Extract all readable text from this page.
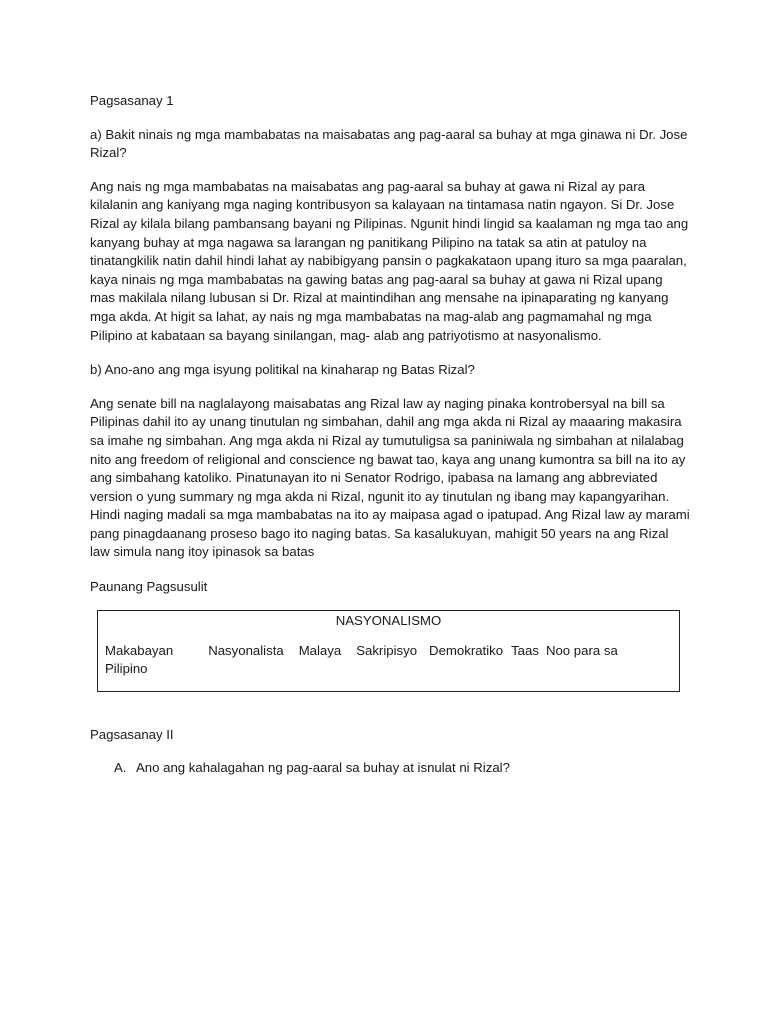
Pagsasanay 1

a) Bakit ninais ng mga mambabatas na maisabatas ang pag-aaral sa buhay at mga ginawa ni Dr. Jose Rizal?

Ang nais ng mga mambabatas na maisabatas ang pag-aaral sa buhay at gawa ni Rizal ay para kilalanin ang kaniyang mga naging kontribusyon sa kalayaan na tintamasa natin ngayon. Si Dr. Jose Rizal ay kilala bilang pambansang bayani ng Pilipinas. Ngunit hindi lingid sa kaalaman ng mga tao ang kanyang buhay at mga nagawa sa larangan ng panitikang Pilipino na tatak sa atin at patuloy na tinatangkilik natin dahil hindi lahat ay nabibigyang pansin o pagkakataon upang ituro sa mga paaralan, kaya ninais ng mga mambabatas na gawing batas ang pag-aaral sa buhay at gawa ni Rizal upang mas makilala nilang lubusan si Dr. Rizal at maintindihan ang mensahe na ipinaparating ng kanyang mga akda. At higit sa lahat, ay nais ng mga mambabatas na mag-alab ang pagmamahal ng mga Pilipino at kabataan sa bayang sinilangan, mag- alab ang patriyotismo at nasyonalismo.

b) Ano-ano ang mga isyung politikal na kinaharap ng Batas Rizal?

Ang senate bill na naglalayong maisabatas ang Rizal law ay naging pinaka kontrobersyal na bill sa Pilipinas dahil ito ay unang tinutulan ng simbahan, dahil ang mga akda ni Rizal ay maaaring makasira sa imahe ng simbahan. Ang mga akda ni Rizal ay tumutuligsa sa paniniwala ng simbahan at nilalabag nito ang freedom of religional and conscience ng bawat tao, kaya ang unang kumontra sa bill na ito ay ang simbahang katoliko. Pinatunayan ito ni Senator Rodrigo, ipabasa na lamang ang abbreviated version o yung summary ng mga akda ni Rizal, ngunit ito ay tinutulan ng ibang may kapangyarihan. Hindi naging madali sa mga mambabatas na ito ay maipasa agad o ipatupad. Ang Rizal law ay marami pang pinagdaanang proseso bago ito naging batas. Sa kasalukuyan, mahigit 50 years na ang Rizal law simula nang itoy ipinasok sa batas

Paunang Pagsusulit

NASYONALISMO
Makabayan	Nasyonalista Malaya Sakripisyo Demokratiko Taas Noo para sa
Pilipino

Pagsasanay II

A. Ano ang kahalagahan ng pag-aaral sa buhay at isnulat ni Rizal?
